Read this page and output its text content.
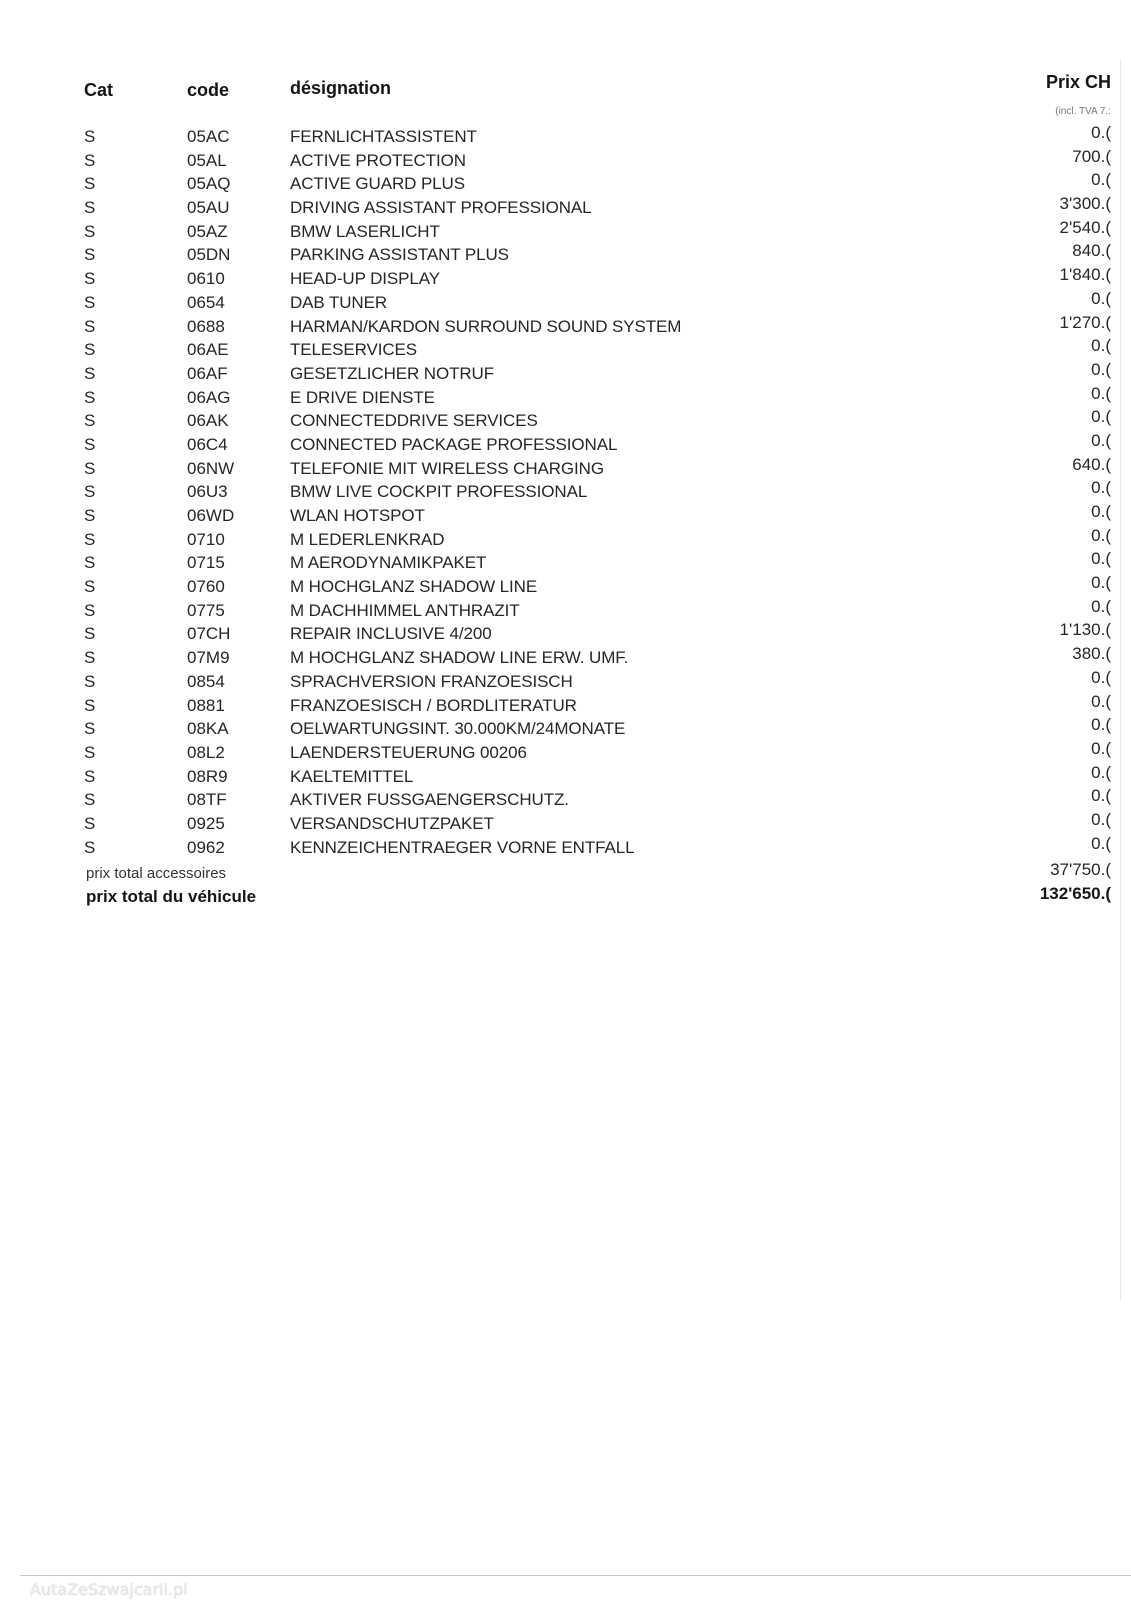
Cat	code	désignation	Prix CH
(incl. TVA 7.:
S	05AC	FERNLICHTASSISTENT	0.(
S	05AL	ACTIVE PROTECTION	700.(
S	05AQ	ACTIVE GUARD PLUS	0.(
S	05AU	DRIVING ASSISTANT PROFESSIONAL	3'300.(
S	05AZ	BMW LASERLICHT	2'540.(
S	05DN	PARKING ASSISTANT PLUS	840.(
S	0610	HEAD-UP DISPLAY	1'840.(
S	0654	DAB TUNER	0.(
S	0688	HARMAN/KARDON SURROUND SOUND SYSTEM	1'270.(
S	06AE	TELESERVICES	0.(
S	06AF	GESETZLICHER NOTRUF	0.(
S	06AG	E DRIVE DIENSTE	0.(
S	06AK	CONNECTEDDRIVE SERVICES	0.(
S	06C4	CONNECTED PACKAGE PROFESSIONAL	0.(
S	06NW	TELEFONIE MIT WIRELESS CHARGING	640.(
S	06U3	BMW LIVE COCKPIT PROFESSIONAL	0.(
S	06WD	WLAN HOTSPOT	0.(
S	0710	M LEDERLENKRAD	0.(
S	0715	M AERODYNAMIKPAKET	0.(
S	0760	M HOCHGLANZ SHADOW LINE	0.(
S	0775	M DACHHIMMEL ANTHRAZIT	0.(
S	07CH	REPAIR INCLUSIVE 4/200	1'130.(
S	07M9	M HOCHGLANZ SHADOW LINE ERW. UMF.	380.(
S	0854	SPRACHVERSION FRANZOESISCH	0.(
S	0881	FRANZOESISCH / BORDLITERATUR	0.(
S	08KA	OELWARTUNGSINT. 30.000KM/24MONATE	0.(
S	08L2	LAENDERSTEUERUNG 00206	0.(
S	08R9	KAELTEMITTEL	0.(
S	08TF	AKTIVER FUSSGAENGERSCHUTZ.	0.(
S	0925	VERSANDSCHUTZPAKET	0.(
S	0962	KENNZEICHENTRAEGER VORNE ENTFALL	0.(
prix total accessoires	37'750.(
prix total du véhicule	132'650.(
AutaZeSzwajcarii.pl
